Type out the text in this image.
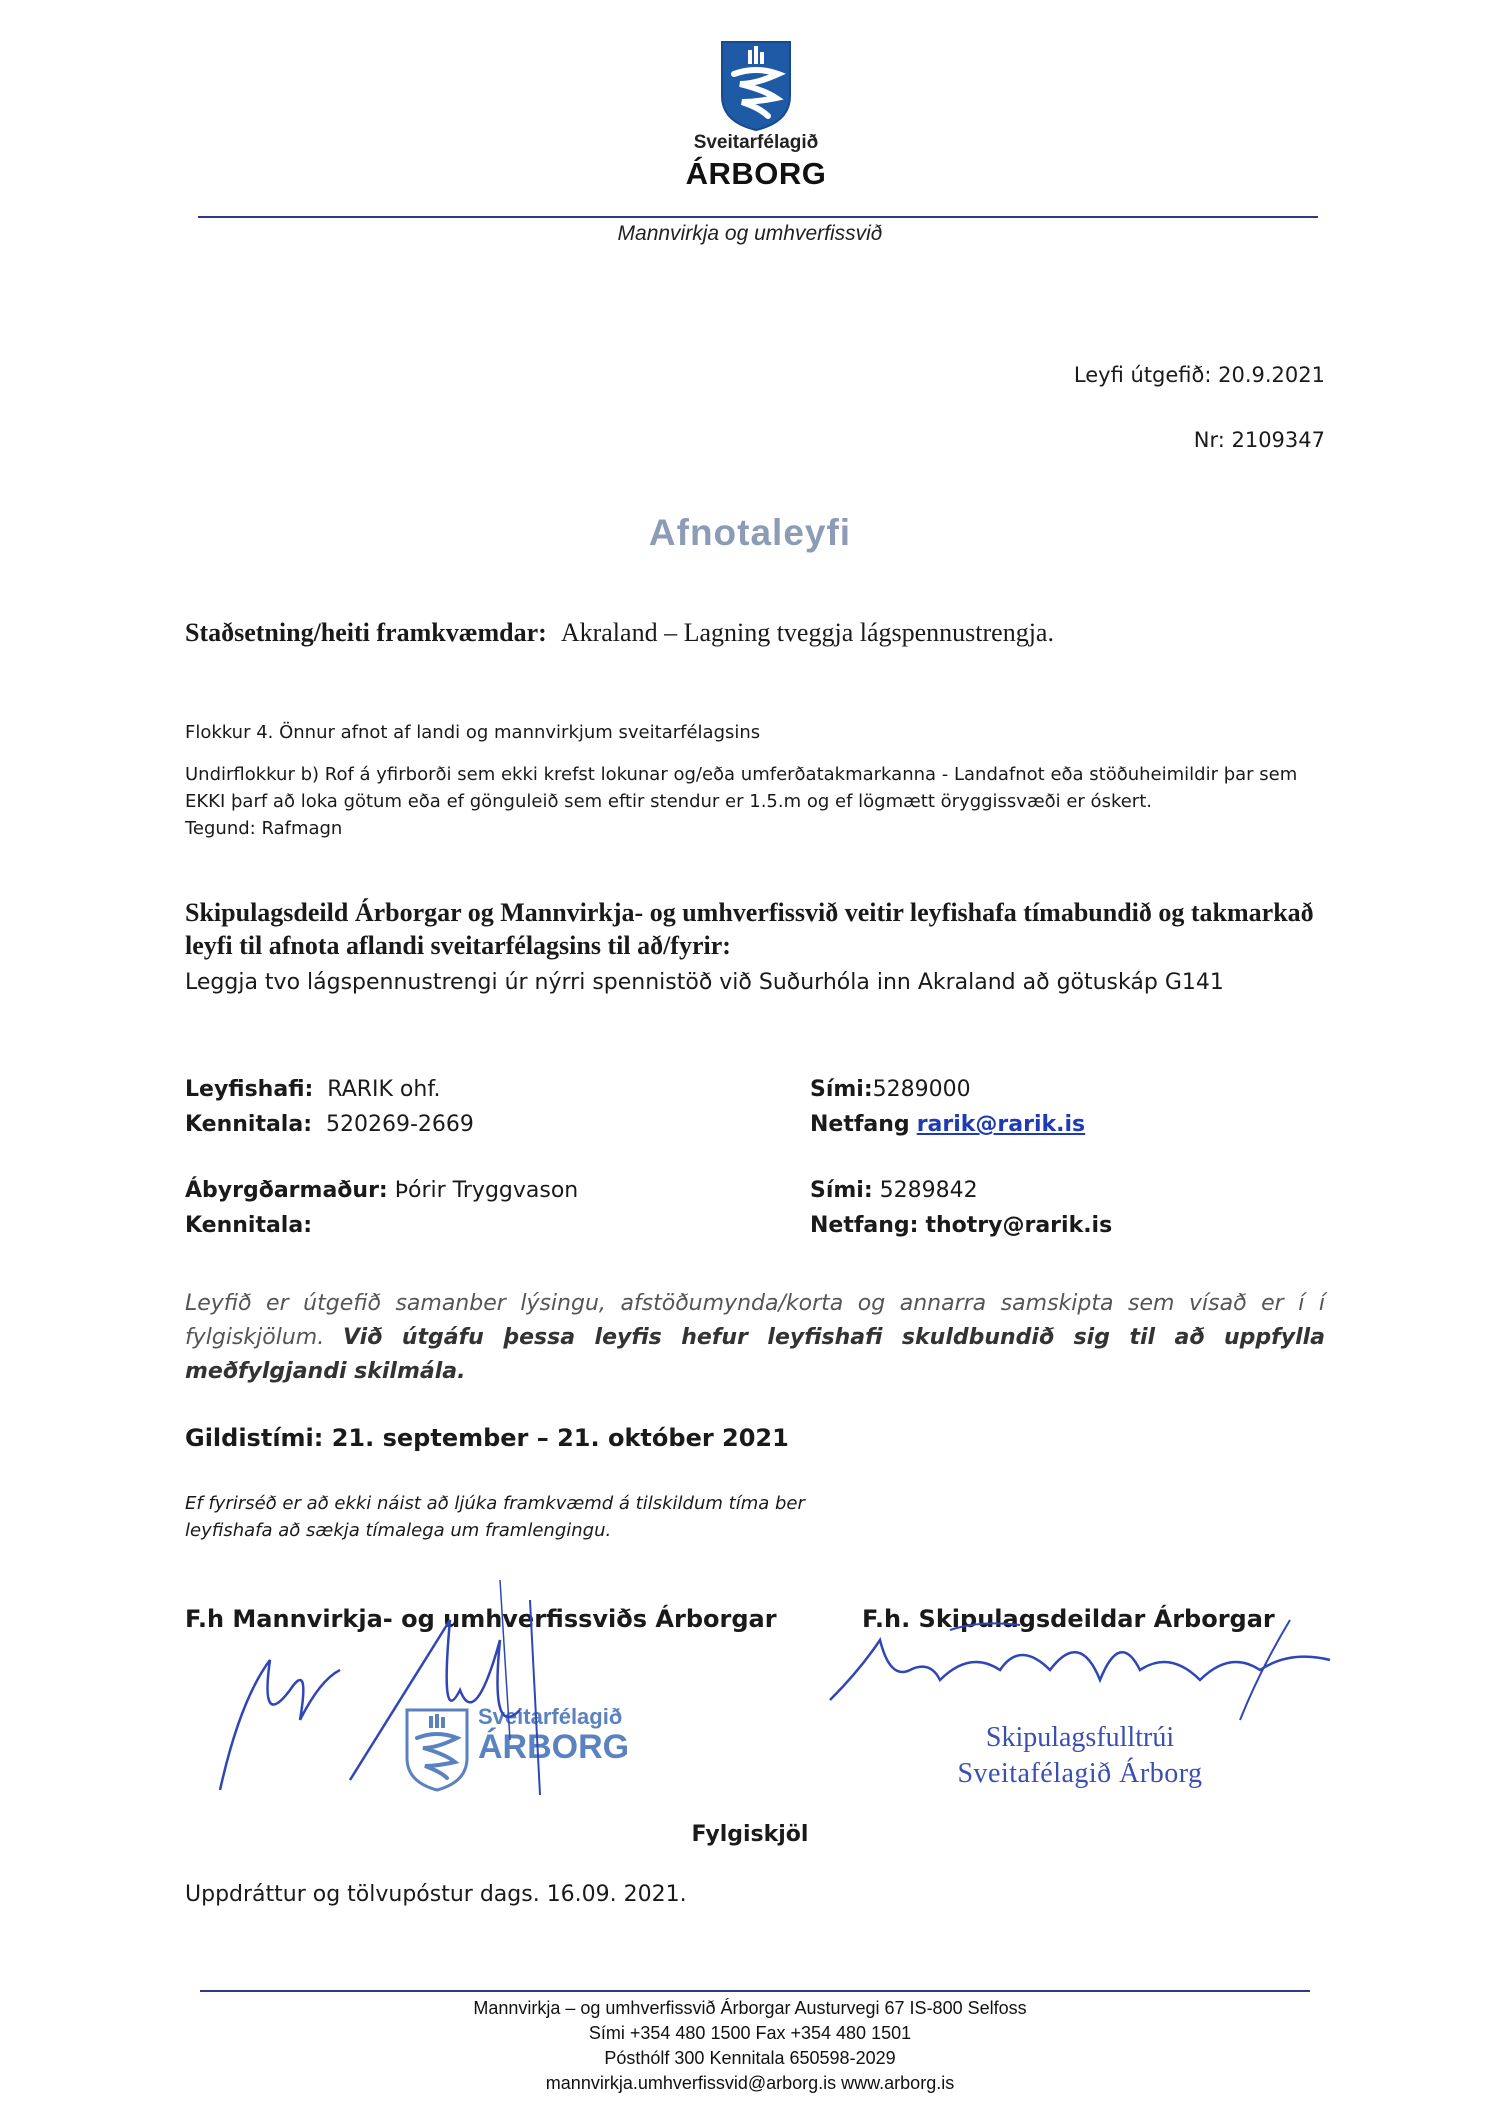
Sveitarfélagið
ÁRBORG
Mannvirkja og umhverfissvið
Leyfi útgefið: 20.9.2021
Nr: 2109347
Afnotaleyfi
Staðsetning/heiti framkvæmdar: Akraland – Lagning tveggja lágspennustrengja.
Flokkur 4. Önnur afnot af landi og mannvirkjum sveitarfélagsins
Undirflokkur b) Rof á yfirborði sem ekki krefst lokunar og/eða umferðatakmarkanna - Landafnot eða stöðuheimildir þar sem EKKI þarf að loka götum eða ef gönguleið sem eftir stendur er 1.5.m og ef lögmætt öryggissvæði er óskert.
Tegund: Rafmagn
Skipulagsdeild Árborgar og Mannvirkja- og umhverfissvið veitir leyfishafa tímabundið og takmarkað leyfi til afnota aflandi sveitarfélagsins til að/fyrir:
Leggja tvo lágspennustrengi úr nýrri spennistöð við Suðurhóla inn Akraland að götuskáp G141
Leyfishafi: RARIK ohf.
Kennitala: 520269-2669
Sími:5289000
Netfang rarik@rarik.is
Ábyrgðarmaður: Þórir Tryggvason
Kennitala:
Sími: 5289842
Netfang: thotry@rarik.is
Leyfið er útgefið samanber lýsingu, afstöðumynda/korta og annarra samskipta sem vísað er í í fylgiskjölum. Við útgáfu þessa leyfis hefur leyfishafi skuldbundið sig til að uppfylla meðfylgjandi skilmála.
Gildistími: 21. september – 21. október 2021
Ef fyrirséð er að ekki náist að ljúka framkvæmd á tilskildum tíma ber leyfishafa að sækja tímalega um framlengingu.
F.h Mannvirkja- og umhverfissviðs Árborgar	F.h. Skipulagsdeildar Árborgar
Sveitarfélagið
ÁRBORG	Skipulagsfulltrúi
Sveitafélagið Árborg
Fylgiskjöl
Uppdráttur og tölvupóstur dags. 16.09. 2021.
Mannvirkja – og umhverfissvið Árborgar Austurvegi 67 IS-800 Selfoss
Sími +354 480 1500 Fax +354 480 1501
Pósthólf 300 Kennitala 650598-2029
mannvirkja.umhverfissvid@arborg.is www.arborg.is
